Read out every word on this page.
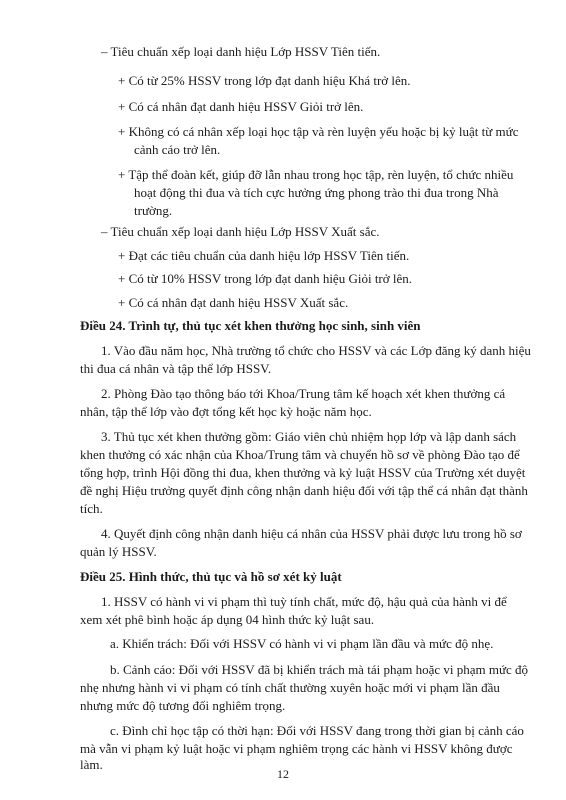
– Tiêu chuẩn xếp loại danh hiệu Lớp HSSV Tiên tiến.
+ Có từ 25% HSSV trong lớp đạt danh hiệu Khá trở lên.
+ Có cá nhân đạt danh hiệu HSSV Giỏi trở lên.
+ Không có cá nhân xếp loại học tập và rèn luyện yếu hoặc bị kỷ luật từ mức
cảnh cáo trở lên.
+ Tập thể đoàn kết, giúp đỡ lẫn nhau trong học tập, rèn luyện, tổ chức nhiều
hoạt động thi đua và tích cực hưởng ứng phong trào thi đua trong Nhà
trường.
– Tiêu chuẩn xếp loại danh hiệu Lớp HSSV Xuất sắc.
+ Đạt các tiêu chuẩn của danh hiệu lớp HSSV Tiên tiến.
+ Có từ 10% HSSV trong lớp đạt danh hiệu Giỏi trở lên.
+ Có cá nhân đạt danh hiệu HSSV Xuất sắc.
Điều 24. Trình tự, thủ tục xét khen thưởng học sinh, sinh viên
1. Vào đầu năm học, Nhà trường tổ chức cho HSSV và các Lớp đăng ký danh hiệu
thi đua cá nhân và tập thể lớp HSSV.
2. Phòng Đào tạo thông báo tới Khoa/Trung tâm kế hoạch xét khen thưởng cá
nhân, tập thể lớp vào đợt tổng kết học kỳ hoặc năm học.
3. Thủ tục xét khen thưởng gồm: Giáo viên chủ nhiệm họp lớp và lập danh sách
khen thưởng có xác nhận của Khoa/Trung tâm và chuyển hồ sơ về phòng Đào tạo để
tổng hợp, trình Hội đồng thi đua, khen thưởng và kỷ luật HSSV của Trường xét duyệt
đề nghị Hiệu trưởng quyết định công nhận danh hiệu đối với tập thể cá nhân đạt thành
tích.
4. Quyết định công nhận danh hiệu cá nhân của HSSV phải được lưu trong hồ sơ
quản lý HSSV.
Điều 25. Hình thức, thủ tục và hồ sơ xét kỷ luật
1. HSSV có hành vi vi phạm thì tuỳ tính chất, mức độ, hậu quả của hành vi để
xem xét phê bình hoặc áp dụng 04 hình thức kỷ luật sau.
a. Khiển trách: Đối với HSSV có hành vi vi phạm lần đầu và mức độ nhẹ.
b. Cảnh cáo: Đối với HSSV đã bị khiển trách mà tái phạm hoặc vi phạm mức độ
nhẹ nhưng hành vi vi phạm có tính chất thường xuyên hoặc mới vi phạm lần đầu
nhưng mức độ tương đối nghiêm trọng.
c. Đình chỉ học tập có thời hạn: Đối với HSSV đang trong thời gian bị cảnh cáo
mà vẫn vi phạm kỷ luật hoặc vi phạm nghiêm trọng các hành vi HSSV không được
làm.
12
